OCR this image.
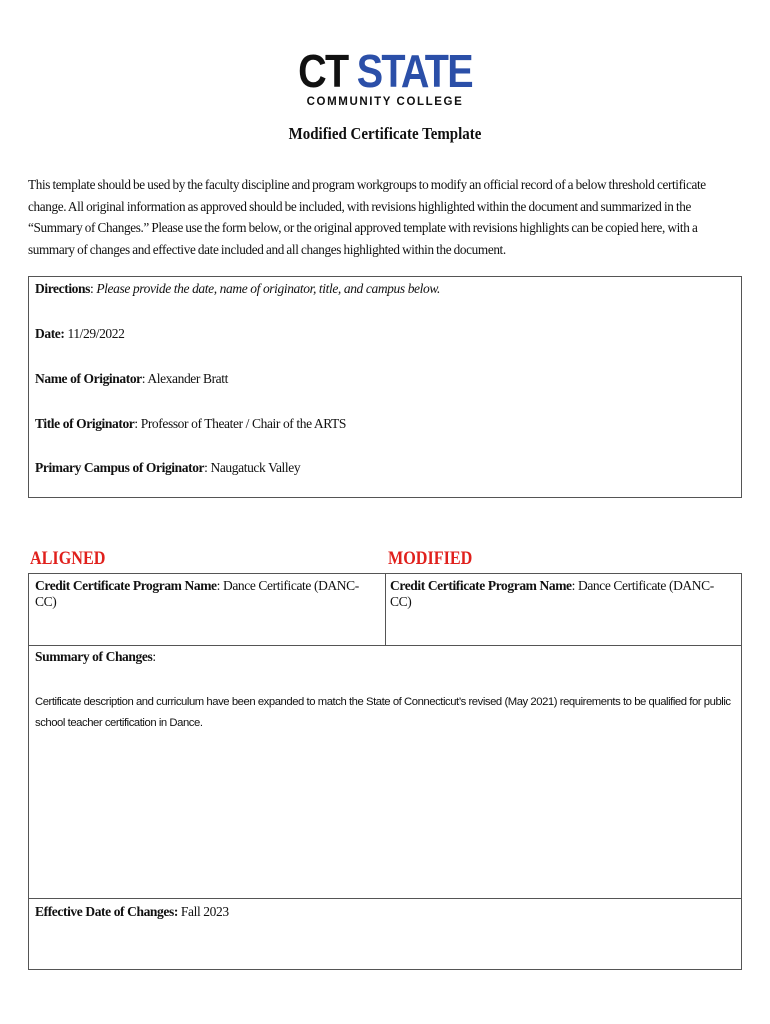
CT STATE
COMMUNITY COLLEGE
Modified Certificate Template
This template should be used by the faculty discipline and program workgroups to modify an official record of a below threshold certificate change. All original information as approved should be included, with revisions highlighted within the document and summarized in the “Summary of Changes.” Please use the form below, or the original approved template with revisions highlights can be copied here, with a summary of changes and effective date included and all changes highlighted within the document.
Directions: Please provide the date, name of originator, title, and campus below.
Date: 11/29/2022
Name of Originator: Alexander Bratt
Title of Originator: Professor of Theater / Chair of the ARTS
Primary Campus of Originator: Naugatuck Valley
ALIGNED	MODIFIED
Credit Certificate Program Name: Dance Certificate (DANC-CC)
Credit Certificate Program Name: Dance Certificate (DANC-CC)
Summary of Changes:
Certificate description and curriculum have been expanded to match the State of Connecticut’s revised (May 2021) requirements to be qualified for public school teacher certification in Dance.
Effective Date of Changes: Fall 2023
